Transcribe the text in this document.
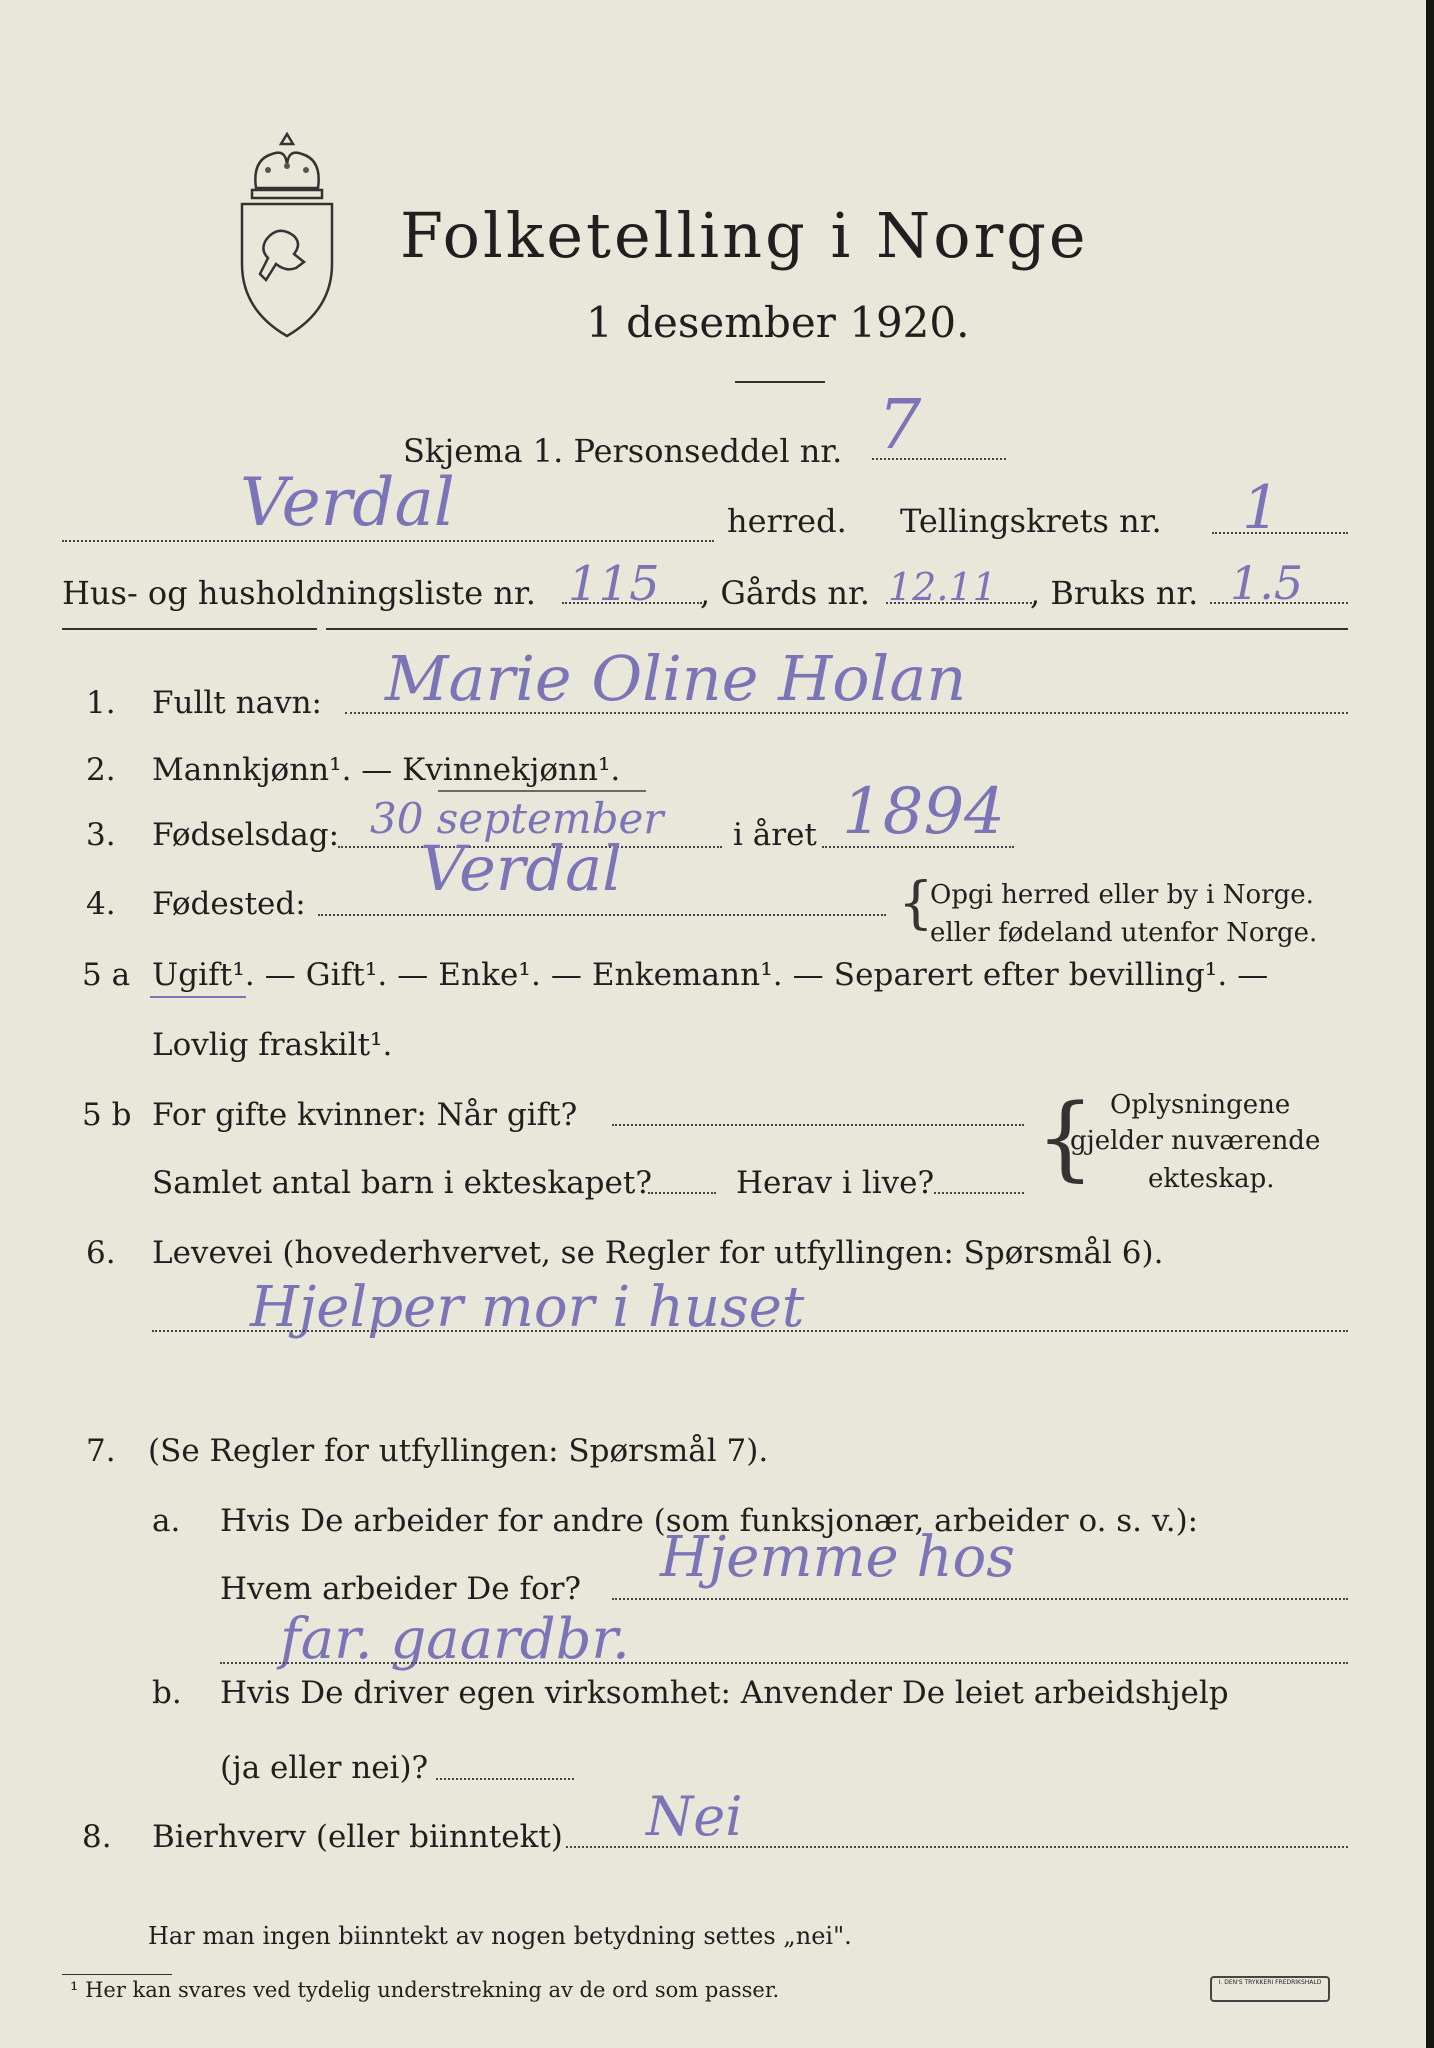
Folketelling i Norge
1 desember 1920.
Skjema 1. Personseddel nr. 7
Verdal	herred. Tellingskrets nr. 1
Hus- og husholdningsliste nr. 115 , Gårds nr. 12.11 , Bruks nr. 1.5
1. Fullt navn: Marie Oline Holan
2. Mannkjønn¹. — Kvinnekjønn¹.
3. Fødselsdag: 30 september i året 1894
4. Fødested: Verdal	{
Opgi herred eller by i Norge.
eller fødeland utenfor Norge.
5 a Ugift¹. — Gift¹. — Enke¹. — Enkemann¹. — Separert efter bevilling¹. —
Lovlig fraskilt¹.
5 b For gifte kvinner: Når gift?
Samlet antal barn i ekteskapet?	Herav i live? { Oplysningene
gjelder nuværende
ekteskap.
6. Levevei (hovederhvervet, se Regler for utfyllingen: Spørsmål 6).
Hjelper mor i huset
7. (Se Regler for utfyllingen: Spørsmål 7).
a. Hvis De arbeider for andre (som funksjonær, arbeider o. s. v.):
Hvem arbeider De for? Hjemme hos
far. gaardbr.
b. Hvis De driver egen virksomhet: Anvender De leiet arbeidshjelp
(ja eller nei)?
8. Bierhverv (eller biinntekt) Nei
Har man ingen biinntekt av nogen betydning settes „nei".
¹ Her kan svares ved tydelig understrekning av de ord som passer.	I. DEN'S TRYKKERI FREDRIKSHALD
